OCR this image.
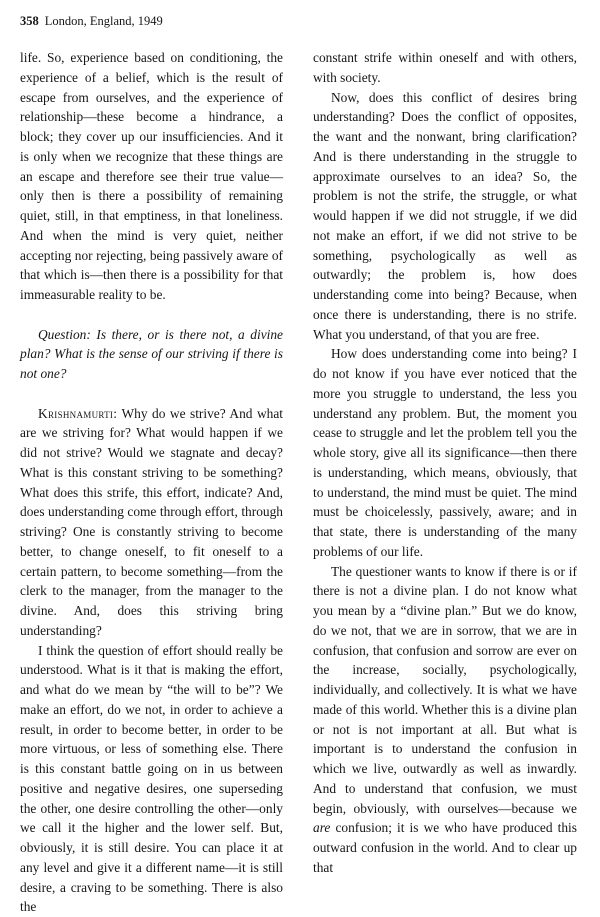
358 London, England, 1949

life. So, experience based on conditioning, the experience of a belief, which is the result of escape from ourselves, and the experience of relationship—these become a hindrance, a block; they cover up our insufficiencies. And it is only when we recognize that these things are an escape and therefore see their true value—only then is there a possibility of remaining quiet, still, in that emptiness, in that loneliness. And when the mind is very quiet, neither accepting nor rejecting, being passively aware of that which is—then there is a possibility for that immeasurable reality to be.

Question: Is there, or is there not, a divine plan? What is the sense of our striving if there is not one?

Krishnamurti: Why do we strive? And what are we striving for? What would happen if we did not strive? Would we stagnate and decay? What is this constant striving to be something? What does this strife, this effort, indicate? And, does understanding come through effort, through striving? One is constantly striving to become better, to change oneself, to fit oneself to a certain pattern, to become something—from the clerk to the manager, from the manager to the divine. And, does this striving bring understanding?

I think the question of effort should really be understood. What is it that is making the effort, and what do we mean by “the will to be”? We make an effort, do we not, in order to achieve a result, in order to become better, in order to be more virtuous, or less of something else. There is this constant battle going on in us between positive and negative desires, one superseding the other, one desire controlling the other—only we call it the higher and the lower self. But, obviously, it is still desire. You can place it at any level and give it a different name—it is still desire, a craving to be something. There is also the

constant strife within oneself and with others, with society.

Now, does this conflict of desires bring understanding? Does the conflict of opposites, the want and the nonwant, bring clarification? And is there understanding in the struggle to approximate ourselves to an idea? So, the problem is not the strife, the struggle, or what would happen if we did not struggle, if we did not make an effort, if we did not strive to be something, psychologically as well as outwardly; the problem is, how does understanding come into being? Because, when once there is understanding, there is no strife. What you understand, of that you are free.

How does understanding come into being? I do not know if you have ever noticed that the more you struggle to understand, the less you understand any problem. But, the moment you cease to struggle and let the problem tell you the whole story, give all its significance—then there is understanding, which means, obviously, that to understand, the mind must be quiet. The mind must be choicelessly, passively, aware; and in that state, there is understanding of the many problems of our life.

The questioner wants to know if there is or if there is not a divine plan. I do not know what you mean by a “divine plan.” But we do know, do we not, that we are in sorrow, that we are in confusion, that confusion and sorrow are ever on the increase, socially, psychologically, individually, and collectively. It is what we have made of this world. Whether this is a divine plan or not is not important at all. But what is important is to understand the confusion in which we live, outwardly as well as inwardly. And to understand that confusion, we must begin, obviously, with ourselves—because we are confusion; it is we who have produced this outward confusion in the world. And to clear up that
